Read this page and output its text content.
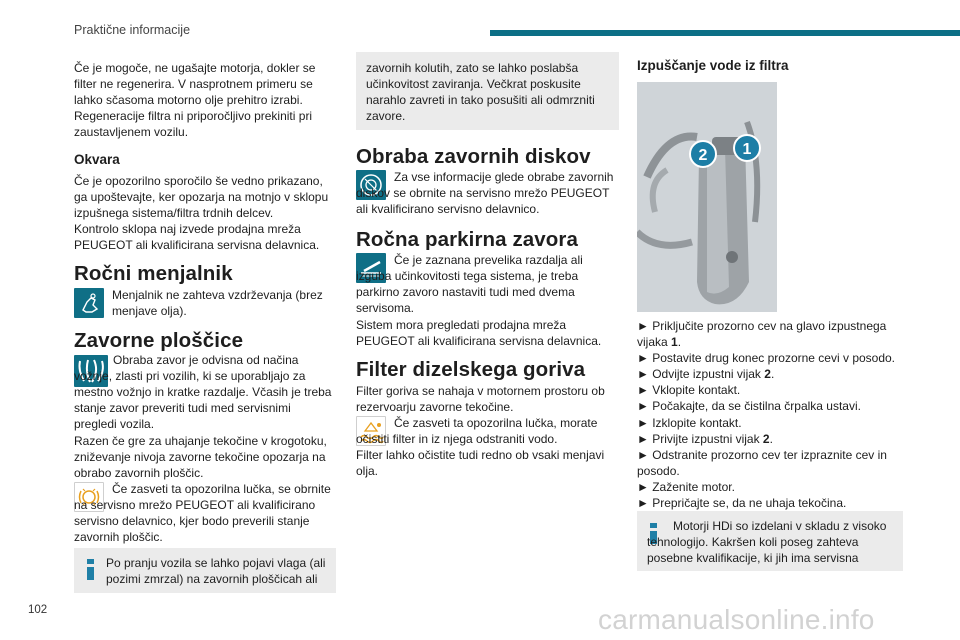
Praktične informacije

Če je mogoče, ne ugašajte motorja, dokler se filter ne regenerira. V nasprotnem primeru se lahko sčasoma motorno olje prehitro izrabi. Regeneracije filtra ni priporočljivo prekiniti pri zaustavljenem vozilu.

Okvara

Če je opozorilno sporočilo še vedno prikazano, ga upoštevajte, ker opozarja na motnjo v sklopu izpušnega sistema/filtra trdnih delcev.

Kontrolo sklopa naj izvede prodajna mreža PEUGEOT ali kvalificirana servisna delavnica.

Ročni menjalnik

Menjalnik ne zahteva vzdrževanja (brez menjave olja).

Zavorne ploščice

Obraba zavor je odvisna od načina vožnje, zlasti pri vozilih, ki se uporabljajo za mestno vožnjo in kratke razdalje. Včasih je treba stanje zavor preveriti tudi med servisnimi pregledi vozila.

Razen če gre za uhajanje tekočine v krogotoku, zniževanje nivoja zavorne tekočine opozarja na obrabo zavornih ploščic.

Če zasveti ta opozorilna lučka, se obrnite na servisno mrežo PEUGEOT ali kvalificirano servisno delavnico, kjer bodo preverili stanje zavornih ploščic.

Po pranju vozila se lahko pojavi vlaga (ali pozimi zmrzal) na zavornih ploščicah ali

zavornih kolutih, zato se lahko poslabša učinkovitost zaviranja. Večkrat poskusite narahlo zavreti in tako posušiti ali odmrzniti zavore.

Obraba zavornih diskov

Za vse informacije glede obrabe zavornih diskov se obrnite na servisno mrežo PEUGEOT ali kvalificirano servisno delavnico.

Ročna parkirna zavora

Če je zaznana prevelika razdalja ali izguba učinkovitosti tega sistema, je treba parkirno zavoro nastaviti tudi med dvema servisoma.

Sistem mora pregledati prodajna mreža PEUGEOT ali kvalificirana servisna delavnica.

Filter dizelskega goriva

Filter goriva se nahaja v motornem prostoru ob rezervoarju zavorne tekočine.

Če zasveti ta opozorilna lučka, morate očistiti filter in iz njega odstraniti vodo.

Filter lahko očistite tudi redno ob vsaki menjavi olja.

Izpuščanje vode iz filtra
2 1

► Priključite prozorno cev na glavo izpustnega vijaka 1.

► Postavite drug konec prozorne cevi v posodo.

► Odvijte izpustni vijak 2.

► Vklopite kontakt.

► Počakajte, da se čistilna črpalka ustavi.

► Izklopite kontakt.

► Privijte izpustni vijak 2.

► Odstranite prozorno cev ter izpraznite cev in posodo.

► Zaženite motor.

► Prepričajte se, da ne uhaja tekočina.

Motorji HDi so izdelani v skladu z visoko tehnologijo. Kakršen koli poseg zahteva posebne kvalifikacije, ki jih ima servisna

102	carmanualsonline.info
